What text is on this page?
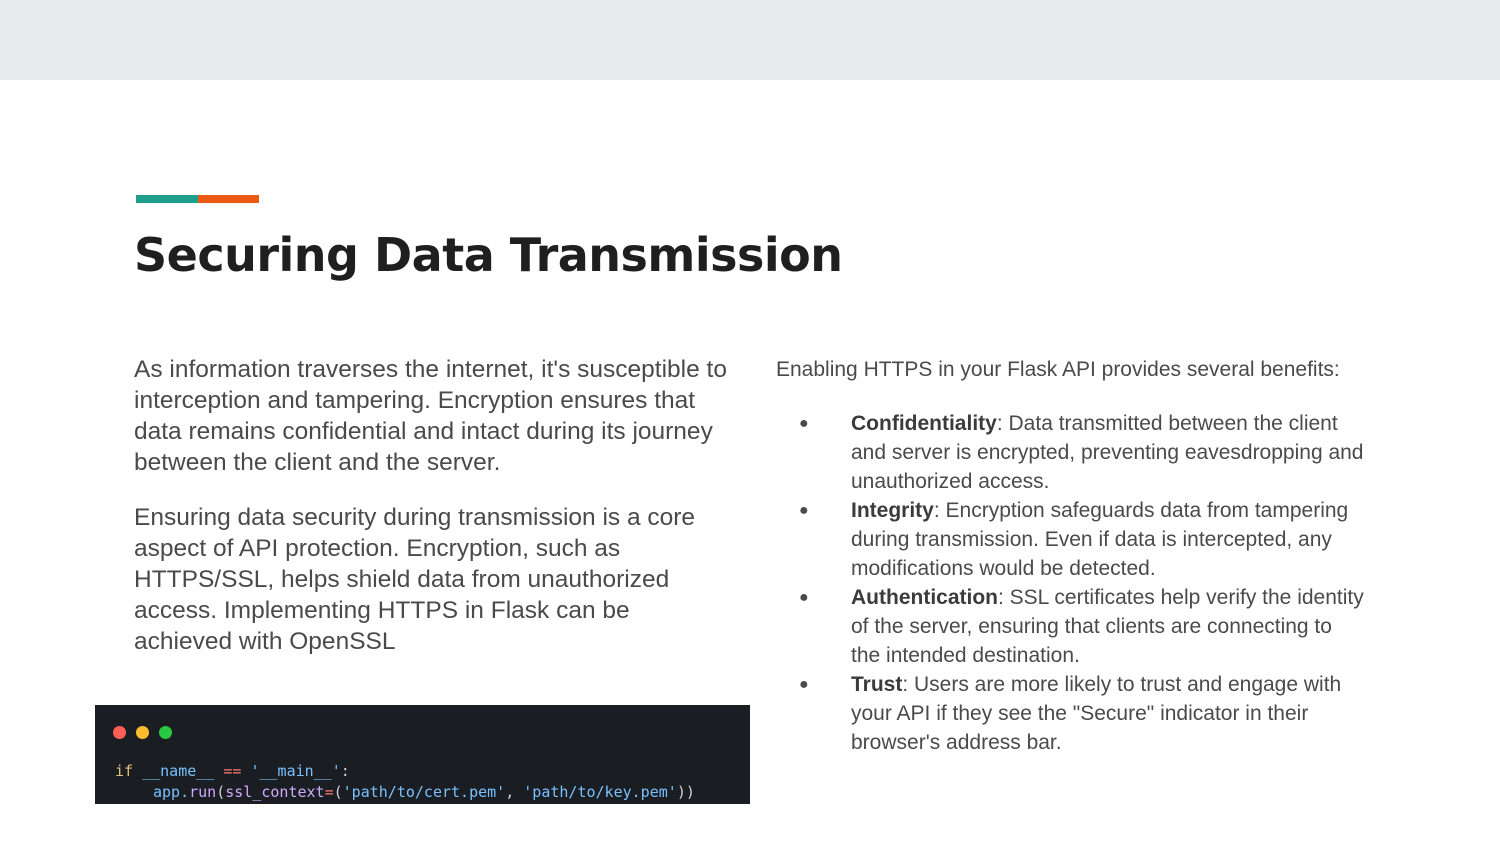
Securing Data Transmission

As information traverses the internet, it's susceptible to interception and tampering. Encryption ensures that data remains confidential and intact during its journey between the client and the server.

Ensuring data security during transmission is a core aspect of API protection. Encryption, such as HTTPS/SSL, helps shield data from unauthorized access. Implementing HTTPS in Flask can be achieved with OpenSSL

if __name__ == '__main__':
app.run(ssl_context=('path/to/cert.pem', 'path/to/key.pem'))

Enabling HTTPS in your Flask API provides several benefits:

● Confidentiality: Data transmitted between the client and server is encrypted, preventing eavesdropping and unauthorized access.
● Integrity: Encryption safeguards data from tampering during transmission. Even if data is intercepted, any modifications would be detected.
● Authentication: SSL certificates help verify the identity of the server, ensuring that clients are connecting to the intended destination.
● Trust: Users are more likely to trust and engage with your API if they see the "Secure" indicator in their browser's address bar.
